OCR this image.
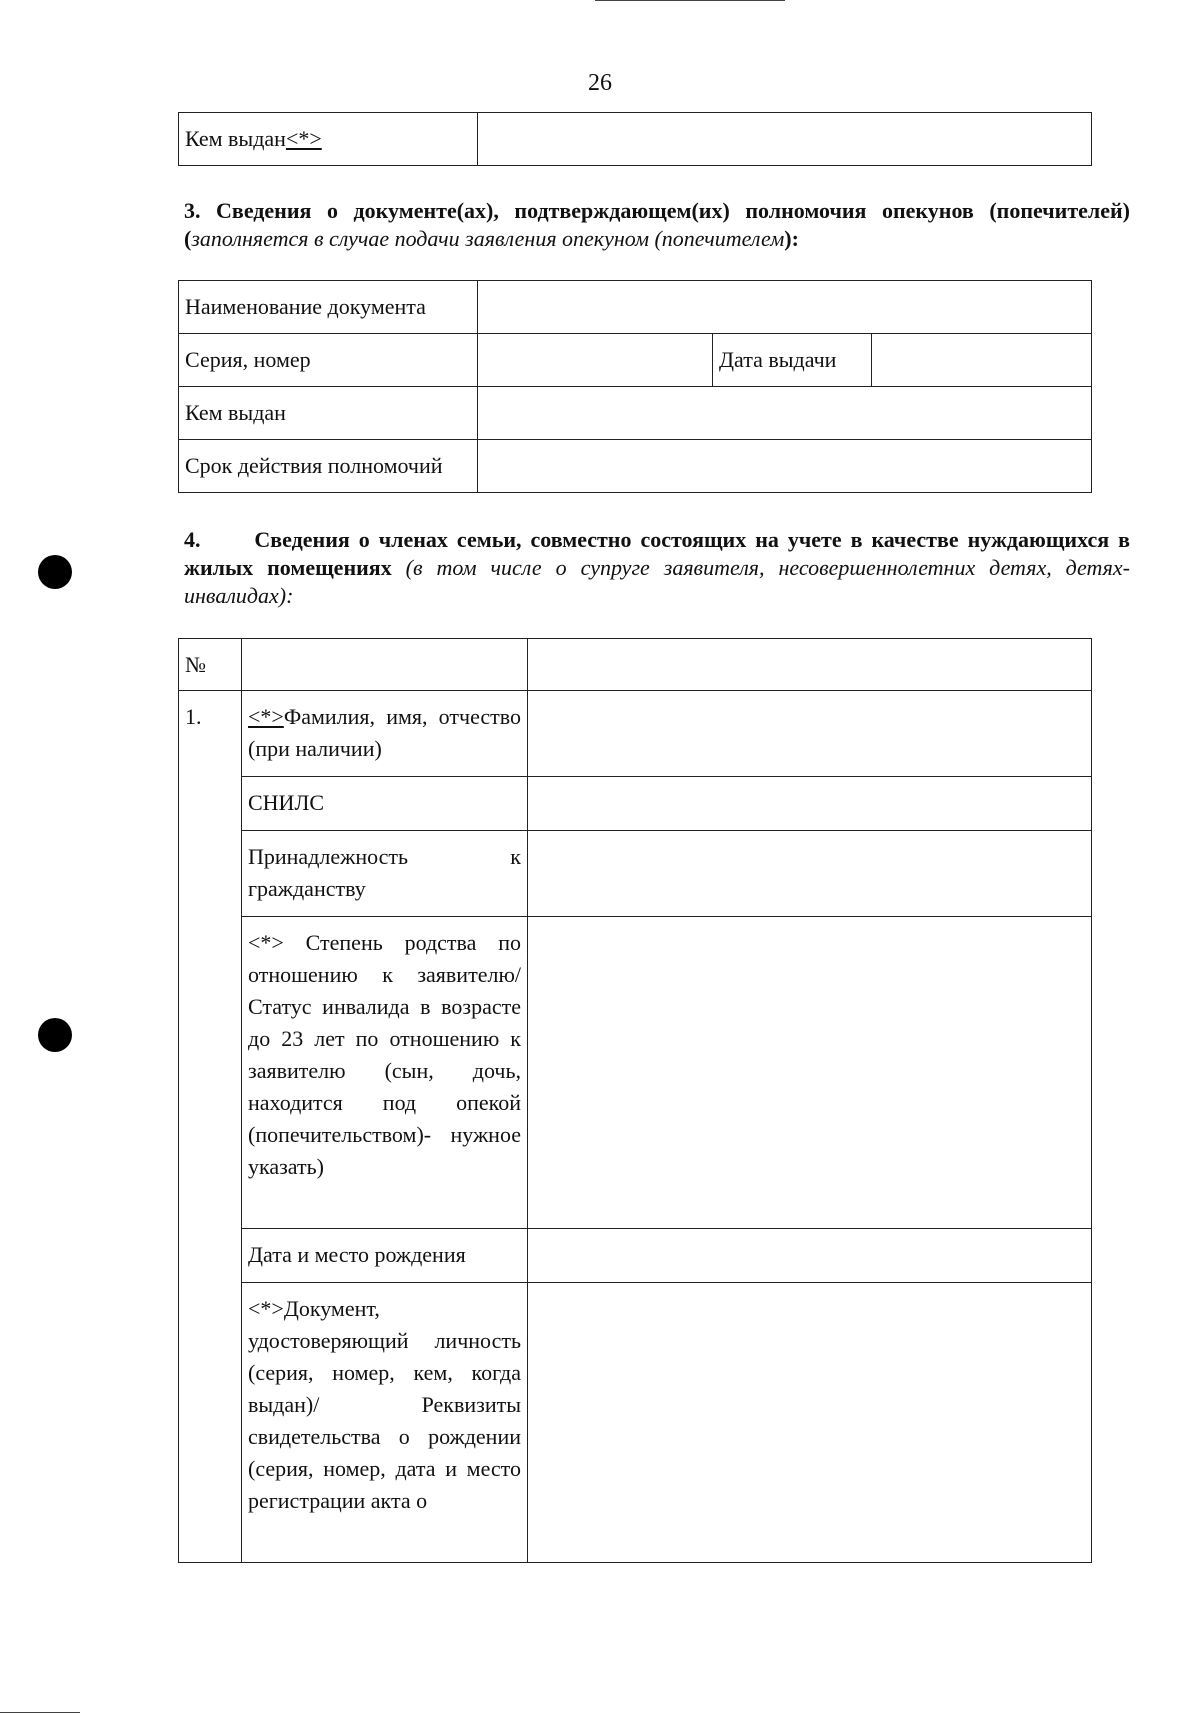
26
Кем выдан<*>	
3. Сведения о документе(ах), подтверждающем(их) полномочия опекунов (попечителей) (заполняется в случае подачи заявления опекуном (попечителем):
Наименование документа			
Серия, номер		Дата выдачи	
Кем выдан			
Срок действия полномочий			
4. Сведения о членах семьи, совместно состоящих на учете в качестве нуждающихся в жилых помещениях (в том числе о супруге заявителя, несовершеннолетних детях, детях-инвалидах):
№		
1.	<*>Фамилия, имя, отчество (при наличии)	
	СНИЛС	
	Принадлежность к гражданству	
	<*> Степень родства по отношению к заявителю/ Статус инвалида в возрасте до 23 лет по отношению к заявителю (сын, дочь, находится под опекой (попечительством)- нужное указать)	
	Дата и место рождения	
	<*>Документ, удостоверяющий личность (серия, номер, кем, когда выдан)/ Реквизиты свидетельства о рождении (серия, номер, дата и место регистрации акта о	
